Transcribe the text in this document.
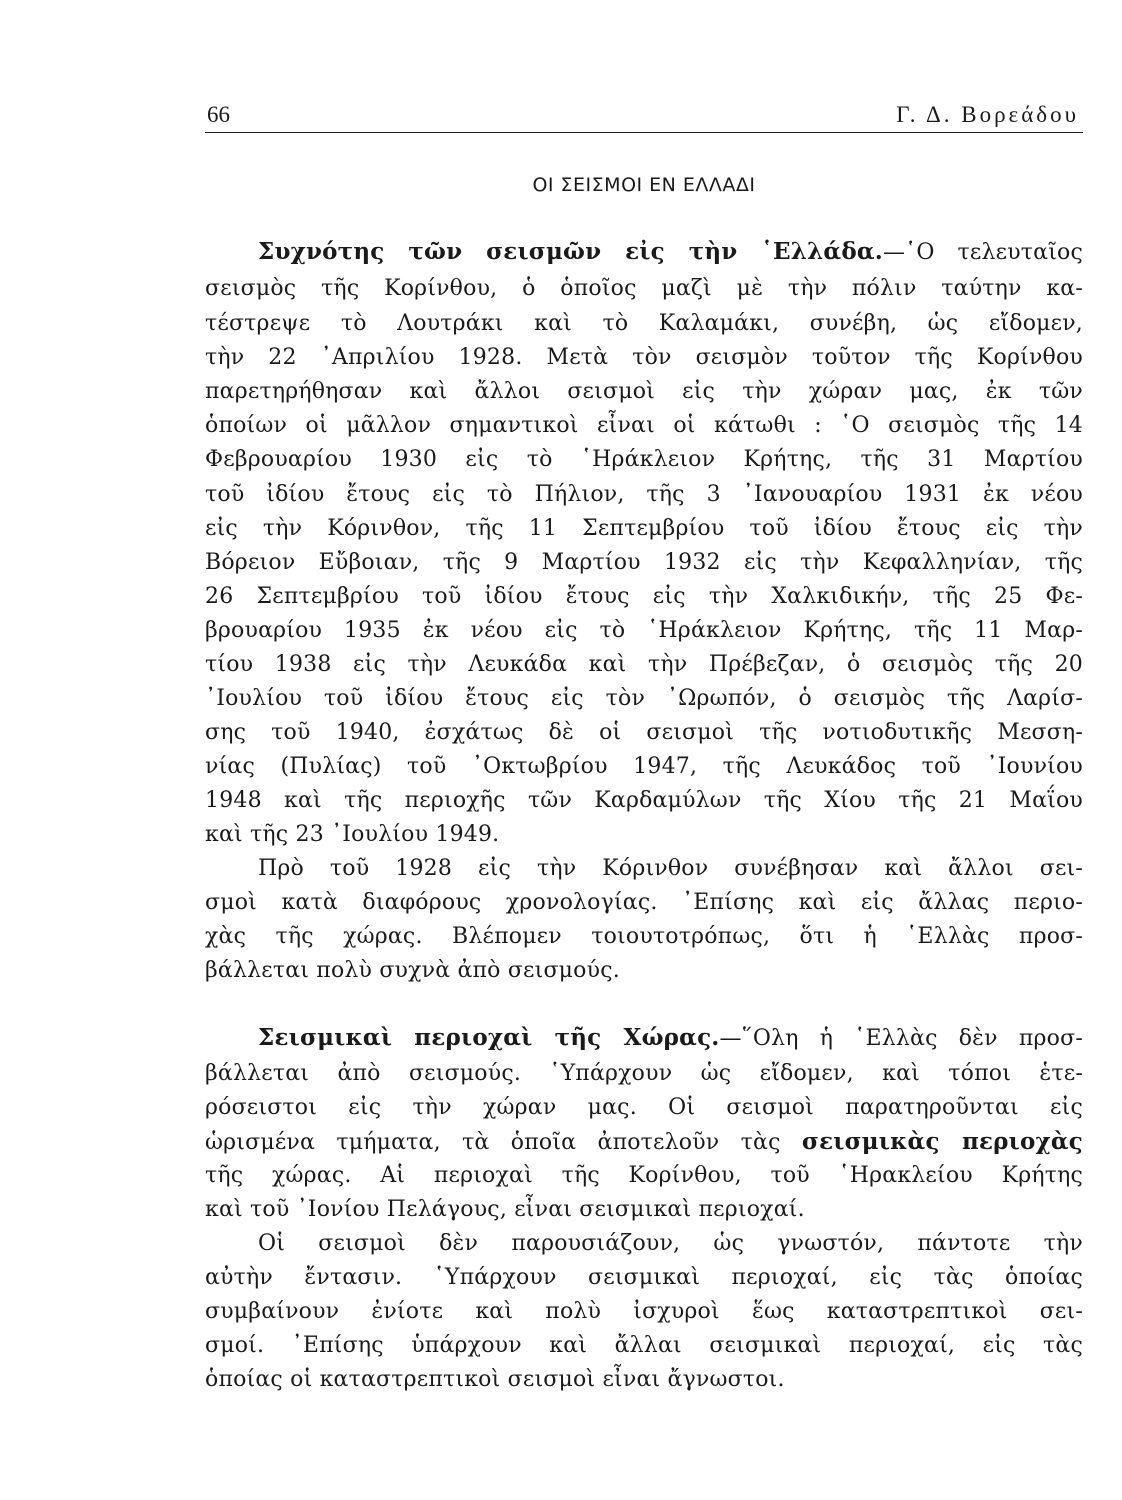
66	Γ. Δ. Βορεάδου
ΟΙ ΣΕΙΣΜΟΙ ΕΝ ΕΛΛΑΔΙ
Συχνότης τῶν σεισμῶν εἰς τὴν ῾Ελλάδα.—῾Ο τελευταῖος
σεισμὸς τῆς Κορίνθου, ὁ ὁποῖος μαζὶ μὲ τὴν πόλιν ταύτην κα-
τέστρεψε τὸ Λουτράκι καὶ τὸ Καλαμάκι, συνέβη, ὡς εἴδομεν,
τὴν 22 ᾿Απριλίου 1928. Μετὰ τὸν σεισμὸν τοῦτον τῆς Κορίνθου
παρετηρήθησαν καὶ ἄλλοι σεισμοὶ εἰς τὴν χώραν μας, ἐκ τῶν
ὁποίων οἱ μᾶλλον σημαντικοὶ εἶναι οἱ κάτωθι : ῾Ο σεισμὸς τῆς 14
Φεβρουαρίου 1930 εἰς τὸ ῾Ηράκλειον Κρήτης, τῆς 31 Μαρτίου
τοῦ ἰδίου ἔτους εἰς τὸ Πήλιον, τῆς 3 ᾿Ιανουαρίου 1931 ἐκ νέου
εἰς τὴν Κόρινθον, τῆς 11 Σεπτεμβρίου τοῦ ἰδίου ἔτους εἰς τὴν
Βόρειον Εὔβοιαν, τῆς 9 Μαρτίου 1932 εἰς τὴν Κεφαλληνίαν, τῆς
26 Σεπτεμβρίου τοῦ ἰδίου ἔτους εἰς τὴν Χαλκιδικήν, τῆς 25 Φε-
βρουαρίου 1935 ἐκ νέου εἰς τὸ ῾Ηράκλειον Κρήτης, τῆς 11 Μαρ-
τίου 1938 εἰς τὴν Λευκάδα καὶ τὴν Πρέβεζαν, ὁ σεισμὸς τῆς 20
᾿Ιουλίου τοῦ ἰδίου ἔτους εἰς τὸν ᾿Ωρωπόν, ὁ σεισμὸς τῆς Λαρίσ-
σης τοῦ 1940, ἐσχάτως δὲ οἱ σεισμοὶ τῆς νοτιοδυτικῆς Μεσση-
νίας (Πυλίας) τοῦ ᾿Οκτωβρίου 1947, τῆς Λευκάδος τοῦ ᾿Ιουνίου
1948 καὶ τῆς περιοχῆς τῶν Καρδαμύλων τῆς Χίου τῆς 21 Μαΐου
καὶ τῆς 23 ᾿Ιουλίου 1949.
Πρὸ τοῦ 1928 εἰς τὴν Κόρινθον συνέβησαν καὶ ἄλλοι σει-
σμοὶ κατὰ διαφόρους χρονολογίας. ᾿Επίσης καὶ εἰς ἄλλας περιο-
χὰς τῆς χώρας. Βλέπομεν τοιουτοτρόπως, ὅτι ἡ ῾Ελλὰς προσ-
βάλλεται πολὺ συχνὰ ἀπὸ σεισμούς.
Σεισμικαὶ περιοχαὶ τῆς Χώρας.—῞Ολη ἡ ῾Ελλὰς δὲν προσ-
βάλλεται ἀπὸ σεισμούς. ῾Υπάρχουν ὡς εἴδομεν, καὶ τόποι ἑτε-
ρόσειστοι εἰς τὴν χώραν μας. Οἱ σεισμοὶ παρατηροῦνται εἰς
ὡρισμένα τμήματα, τὰ ὁποῖα ἀποτελοῦν τὰς σεισμικὰς περιοχὰς
τῆς χώρας. Αἱ περιοχαὶ τῆς Κορίνθου, τοῦ ῾Ηρακλείου Κρήτης
καὶ τοῦ ᾿Ιονίου Πελάγους, εἶναι σεισμικαὶ περιοχαί.
Οἱ σεισμοὶ δὲν παρουσιάζουν, ὡς γνωστόν, πάντοτε τὴν
αὐτὴν ἔντασιν. ῾Υπάρχουν σεισμικαὶ περιοχαί, εἰς τὰς ὁποίας
συμβαίνουν ἐνίοτε καὶ πολὺ ἰσχυροὶ ἕως καταστρεπτικοὶ σει-
σμοί. ᾿Επίσης ὑπάρχουν καὶ ἄλλαι σεισμικαὶ περιοχαί, εἰς τὰς
ὁποίας οἱ καταστρεπτικοὶ σεισμοὶ εἶναι ἄγνωστοι.
